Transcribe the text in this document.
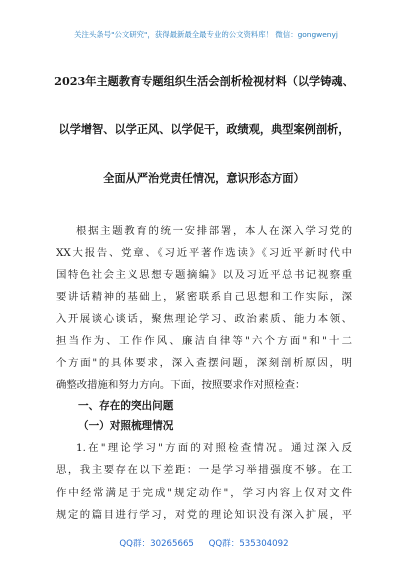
关注头条号"公文研究"，获得最新最全最专业的公文资料库！ 微信：gongwenyj
2023年主题教育专题组织生活会剖析检视材料（以学铸魂、
以学增智、以学正风、以学促干，政绩观，典型案例剖析，
全面从严治党责任情况，意识形态方面）
根据主题教育的统一安排部署，本人在深入学习党的
XX大报告、党章、《习近平著作选读》《习近平新时代中
国特色社会主义思想专题摘编》以及习近平总书记视察重
要讲话精神的基础上，紧密联系自己思想和工作实际，深
入开展谈心谈话，聚焦理论学习、政治素质、能力本领、
担当作为、工作作风、廉洁自律等"六个方面"和"十二
个方面"的具体要求，深入查摆问题，深刻剖析原因，明
确整改措施和努力方向。下面，按照要求作对照检查：
一、存在的突出问题
（一）对照梳理情况
1.在"理论学习"方面的对照检查情况。通过深入反
思，我主要存在以下差距：一是学习举措强度不够。在工
作中经常满足于完成"规定动作"，学习内容上仅对文件
规定的篇目进行学习，对党的理论知识没有深入扩展，平
QQ群：30265665 QQ群：535304092
